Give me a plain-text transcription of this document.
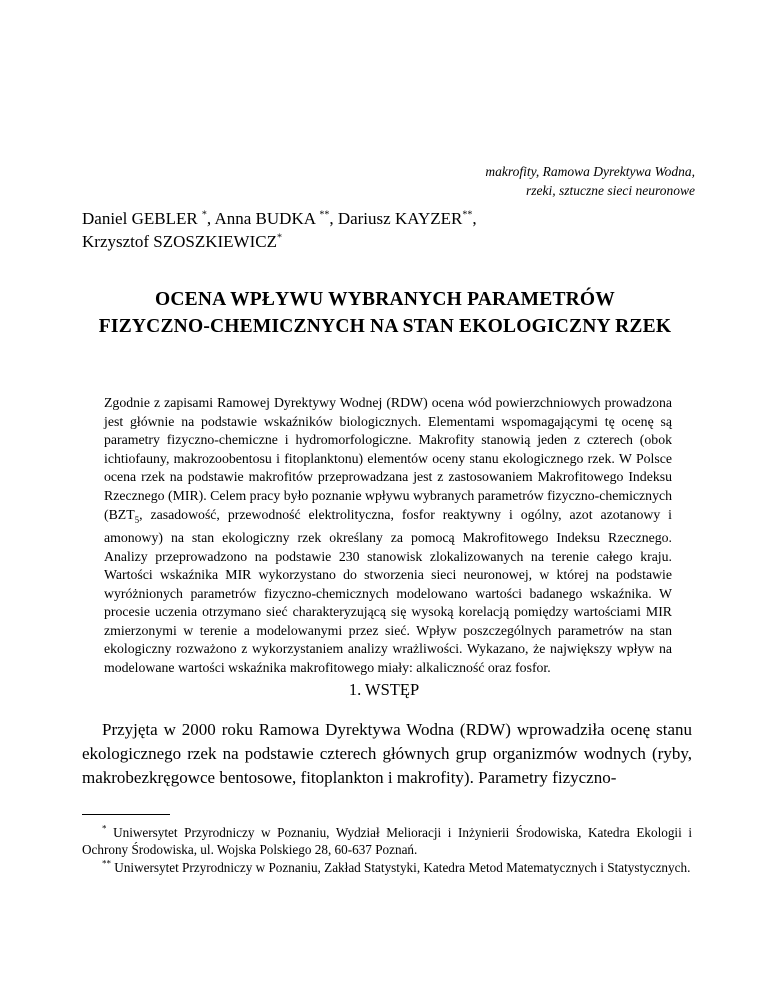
makrofity, Ramowa Dyrektywa Wodna,
rzeki, sztuczne sieci neuronowe
Daniel GEBLER *, Anna BUDKA **, Dariusz KAYZER**,
Krzysztof SZOSZKIEWICZ*
OCENA WPŁYWU WYBRANYCH PARAMETRÓW
FIZYCZNO-CHEMICZNYCH NA STAN EKOLOGICZNY RZEK
Zgodnie z zapisami Ramowej Dyrektywy Wodnej (RDW) ocena wód powierzchniowych prowadzona jest głównie na podstawie wskaźników biologicznych. Elementami wspomagającymi tę ocenę są parametry fizyczno-chemiczne i hydromorfologiczne. Makrofity stanowią jeden z czterech (obok ichtiofauny, makrozoobentosu i fitoplanktonu) elementów oceny stanu ekologicznego rzek. W Polsce ocena rzek na podstawie makrofitów przeprowadzana jest z zastosowaniem Makrofitowego Indeksu Rzecznego (MIR). Celem pracy było poznanie wpływu wybranych parametrów fizyczno-chemicznych ($BZT_5$, zasadowość, przewodność elektrolityczna, fosfor reaktywny i ogólny, azot azotanowy i amonowy) na stan ekologiczny rzek określany za pomocą Makrofitowego Indeksu Rzecznego. Analizy przeprowadzono na podstawie 230 stanowisk zlokalizowanych na terenie całego kraju. Wartości wskaźnika MIR wykorzystano do stworzenia sieci neuronowej, w której na podstawie wyróżnionych parametrów fizyczno-chemicznych modelowano wartości badanego wskaźnika. W procesie uczenia otrzymano sieć charakteryzującą się wysoką korelacją pomiędzy wartościami MIR zmierzonymi w terenie a modelowanymi przez sieć. Wpływ poszczególnych parametrów na stan ekologiczny rozważono z wykorzystaniem analizy wrażliwości. Wykazano, że największy wpływ na modelowane wartości wskaźnika makrofitowego miały: alkaliczność oraz fosfor.
1. WSTĘP
Przyjęta w 2000 roku Ramowa Dyrektywa Wodna (RDW) wprowadziła ocenę stanu ekologicznego rzek na podstawie czterech głównych grup organizmów wodnych (ryby, makrobezkręgowce bentosowe, fitoplankton i makrofity). Parametry fizyczno-

* Uniwersytet Przyrodniczy w Poznaniu, Wydział Melioracji i Inżynierii Środowiska, Katedra Ekologii i Ochrony Środowiska, ul. Wojska Polskiego 28, 60-637 Poznań.

** Uniwersytet Przyrodniczy w Poznaniu, Zakład Statystyki, Katedra Metod Matematycznych i Statystycznych.
